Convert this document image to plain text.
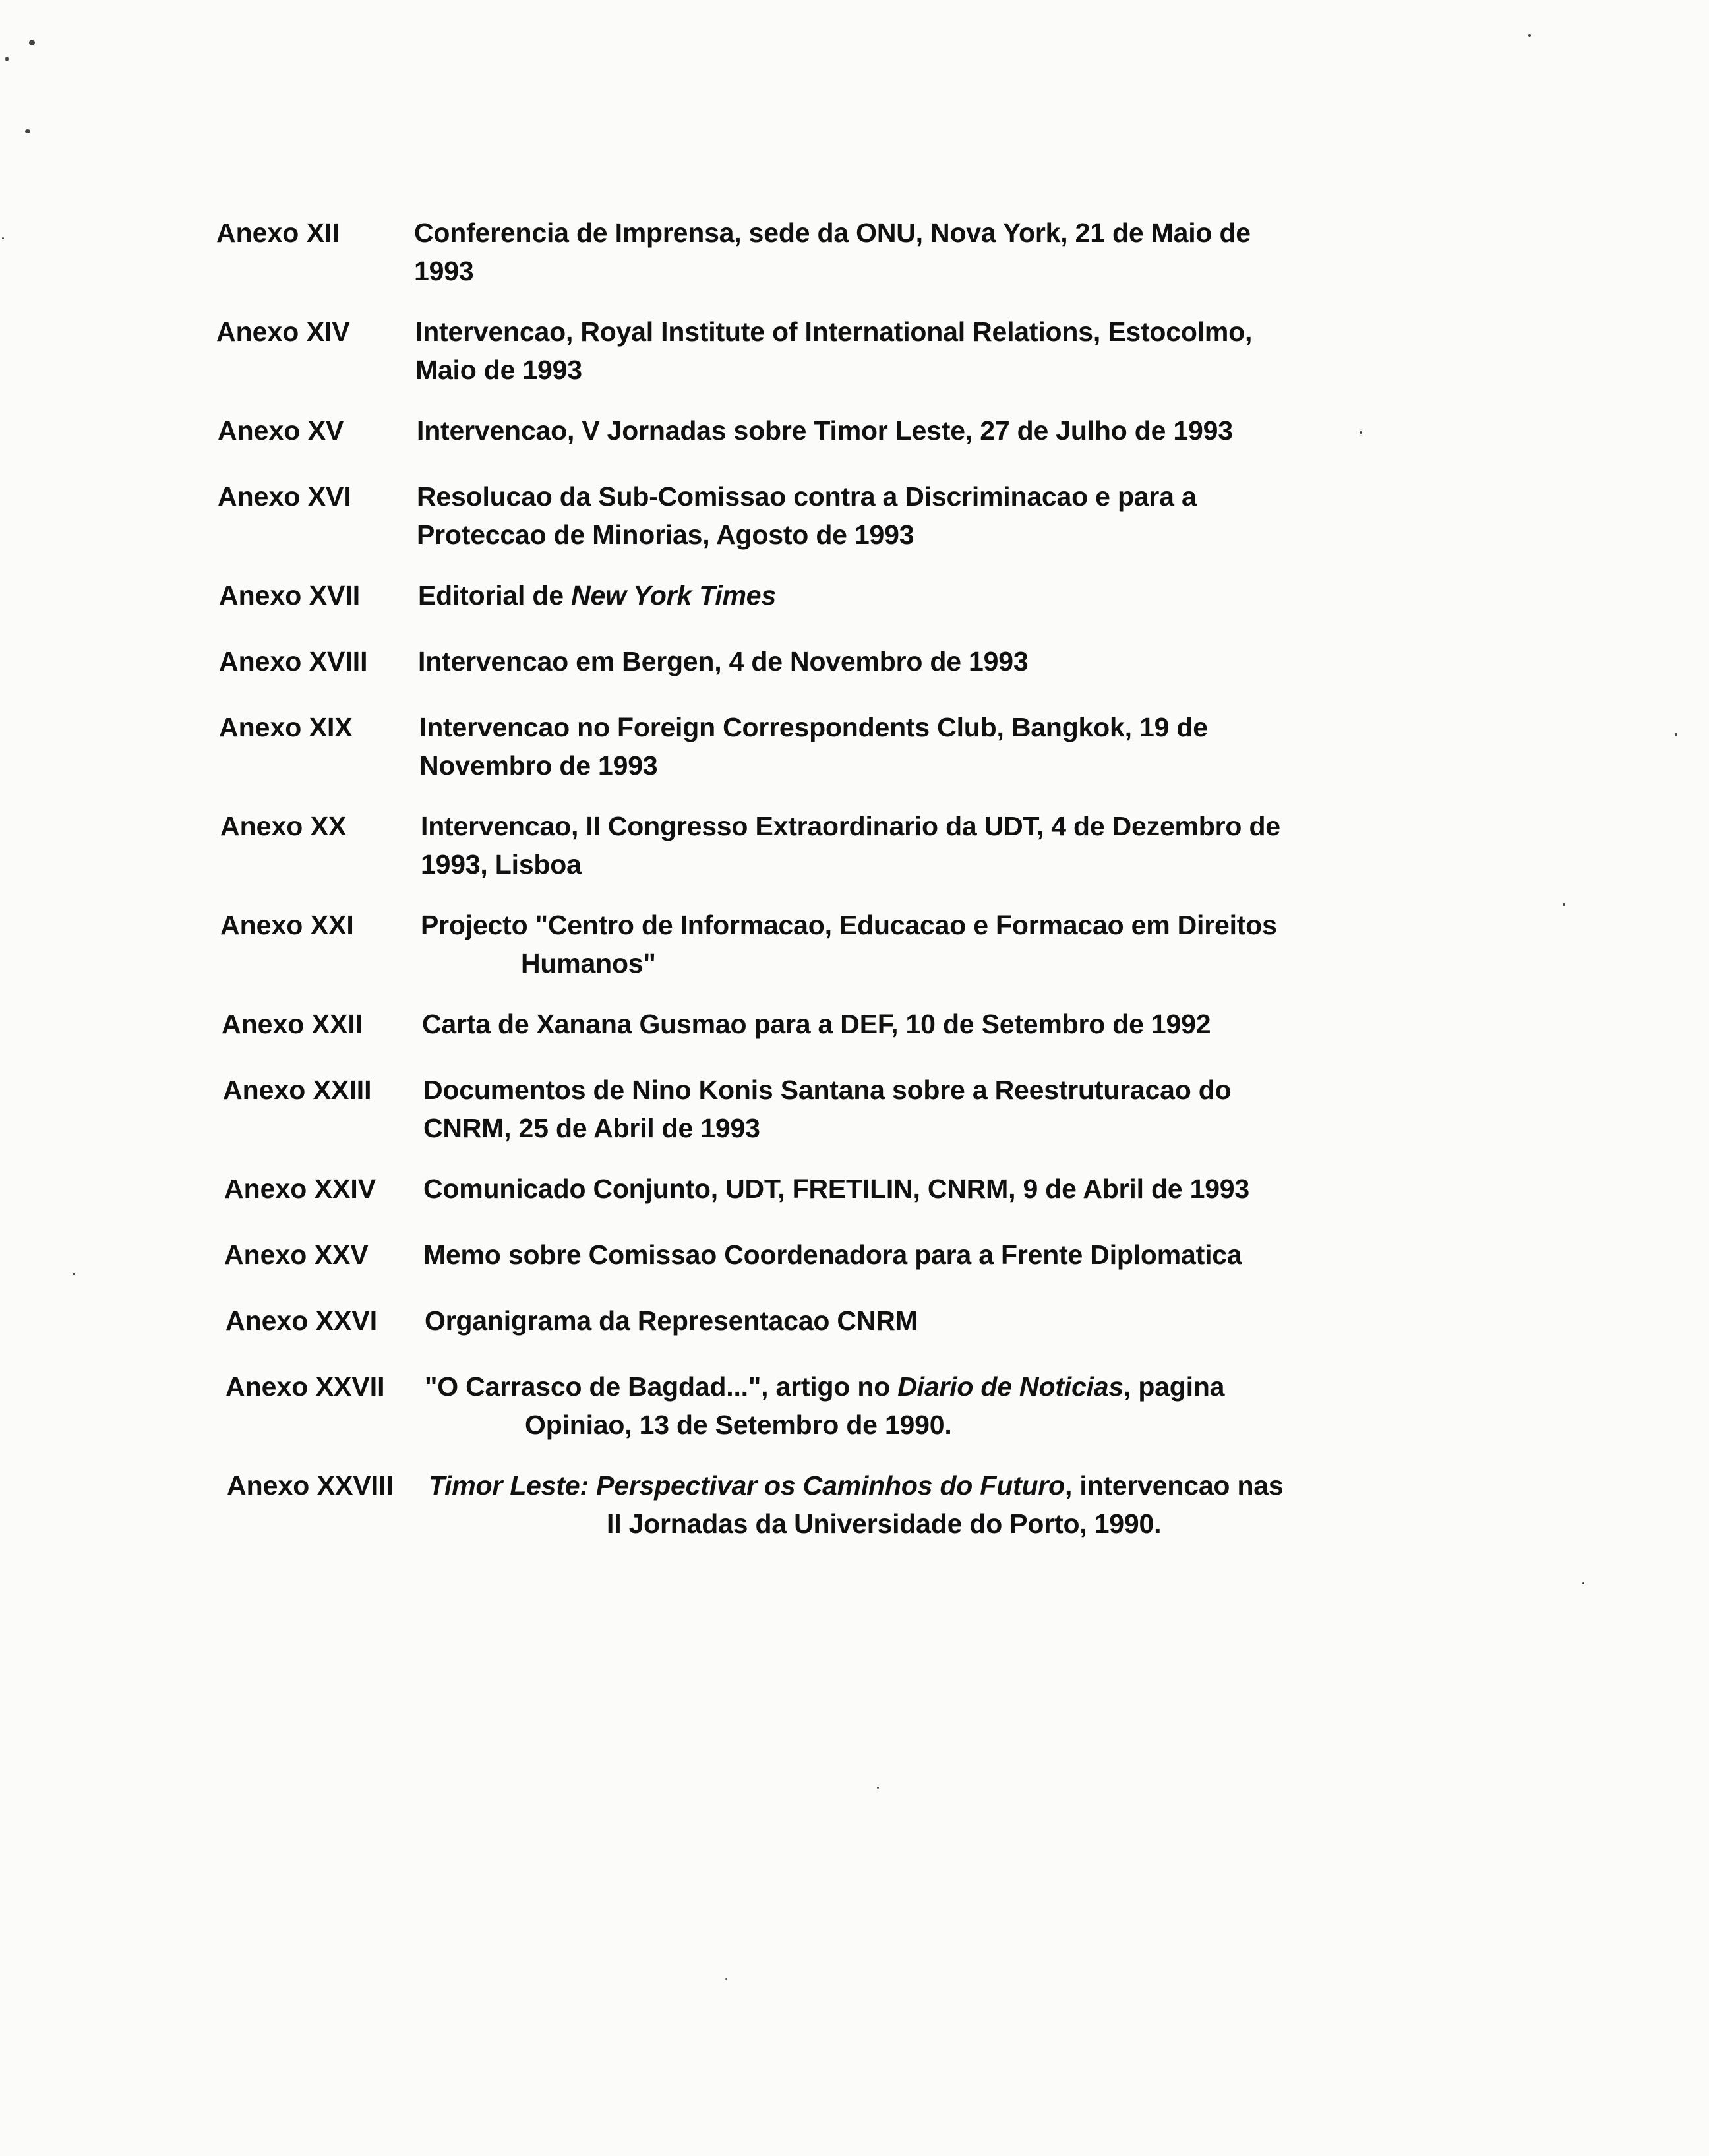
Anexo XII	Conferencia de Imprensa, sede da ONU, Nova York, 21 de Maio de
1993
Anexo XIV Intervencao, Royal Institute of International Relations, Estocolmo,
Maio de 1993
Anexo XV	Intervencao, V Jornadas sobre Timor Leste, 27 de Julho de 1993
Anexo XVI Resolucao da Sub-Comissao contra a Discriminacao e para a
Proteccao de Minorias, Agosto de 1993
Anexo XVII Editorial de New York Times
Anexo XVIII Intervencao em Bergen, 4 de Novembro de 1993
Anexo XIX Intervencao no Foreign Correspondents Club, Bangkok, 19 de
Novembro de 1993
Anexo XX	Intervencao, II Congresso Extraordinario da UDT, 4 de Dezembro de
1993, Lisboa
Anexo XXI Projecto "Centro de Informacao, Educacao e Formacao em Direitos
Humanos"
Anexo XXII Carta de Xanana Gusmao para a DEF, 10 de Setembro de 1992
Anexo XXIII Documentos de Nino Konis Santana sobre a Reestruturacao do
CNRM, 25 de Abril de 1993
Anexo XXIV Comunicado Conjunto, UDT, FRETILIN, CNRM, 9 de Abril de 1993
Anexo XXV Memo sobre Comissao Coordenadora para a Frente Diplomatica
Anexo XXVI Organigrama da Representacao CNRM
Anexo XXVII "O Carrasco de Bagdad...", artigo no Diario de Noticias, pagina
Opiniao, 13 de Setembro de 1990.
Anexo XXVIII Timor Leste: Perspectivar os Caminhos do Futuro, intervencao nas
II Jornadas da Universidade do Porto, 1990.
